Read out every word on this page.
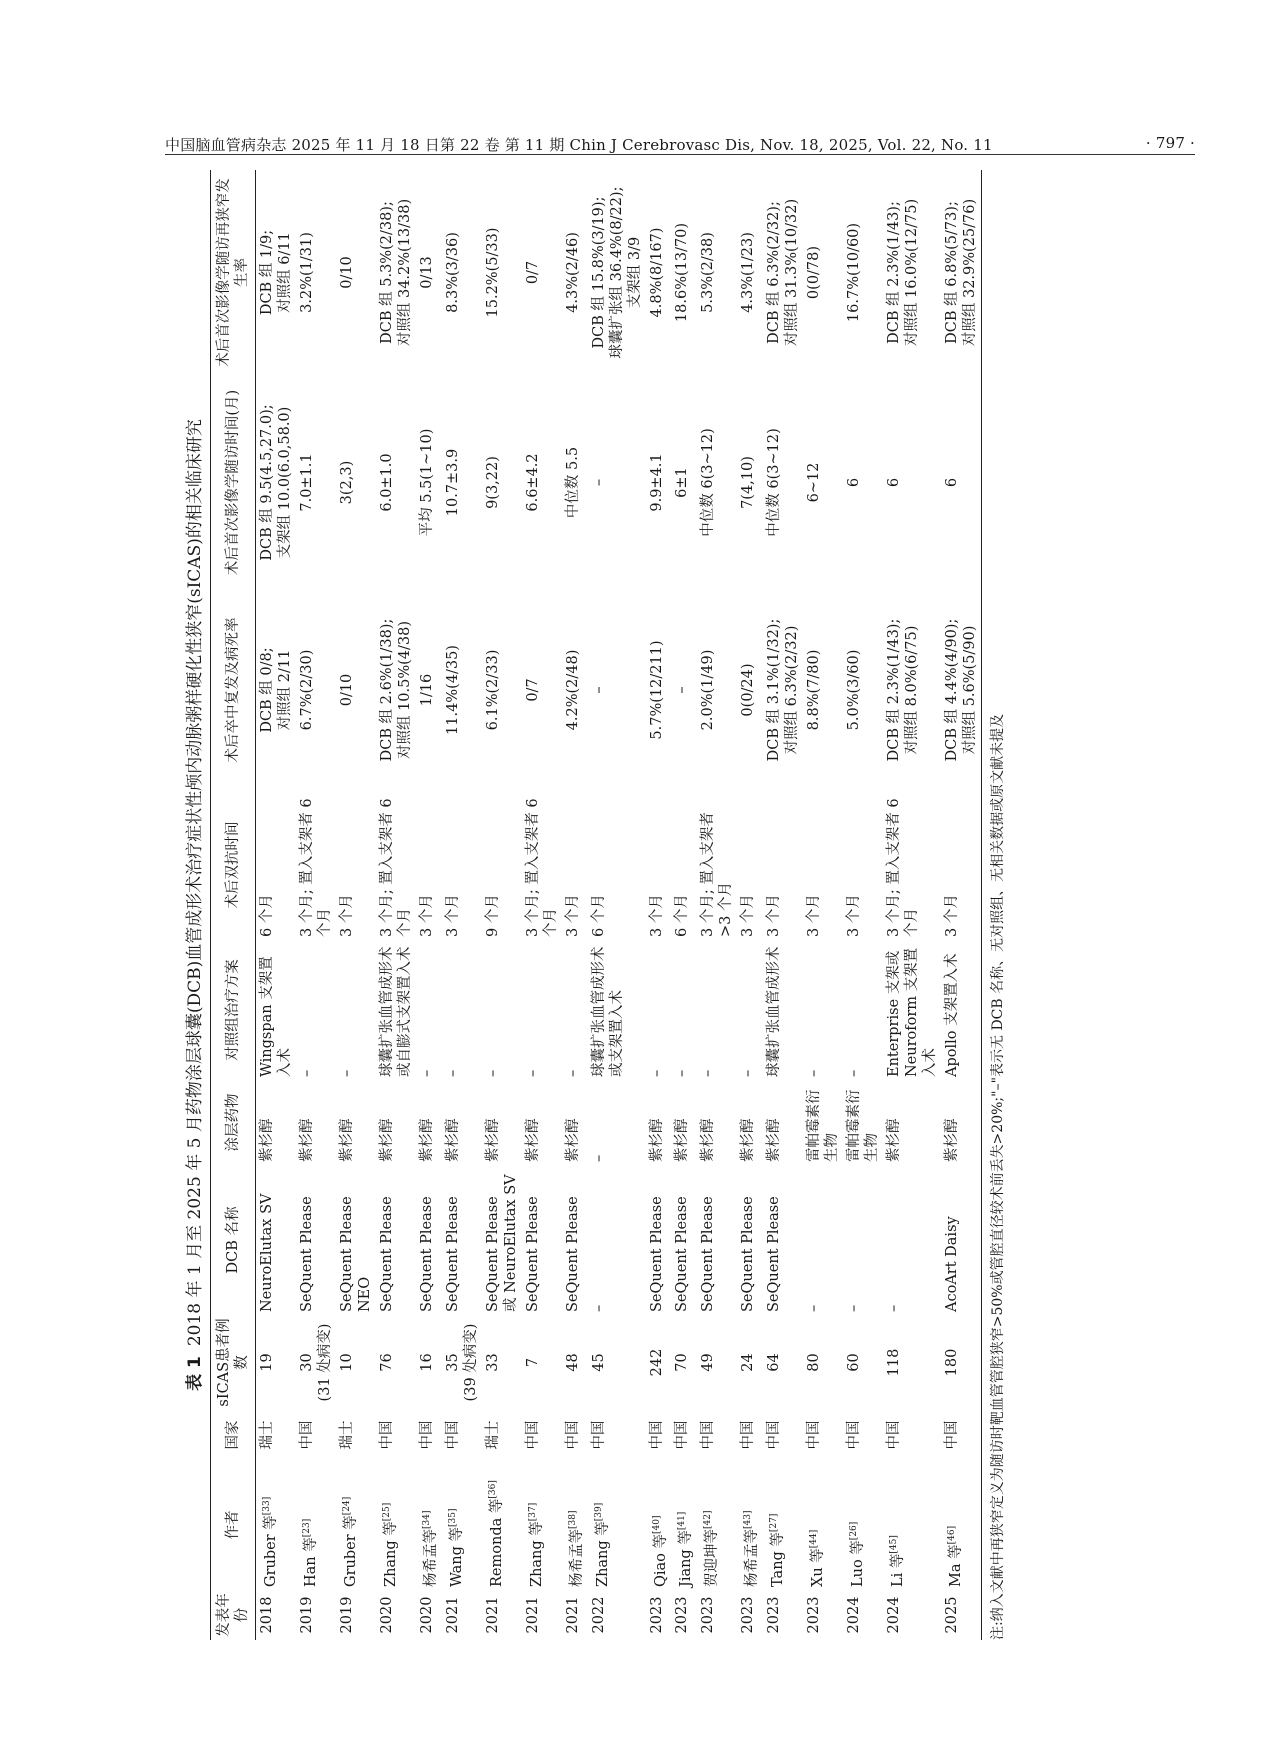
中国脑血管病杂志 2025 年 11 月 18 日第 22 卷 第 11 期 Chin J Cerebrovasc Dis, Nov. 18, 2025, Vol. 22, No. 11	· 797 ·
表 12018 年 1 月至 2025 年 5 月药物涂层球囊(DCB)血管成形术治疗症状性颅内动脉粥样硬化性狭窄(sICAS)的相关临床研究
发表年份	作者	国家	sICAS患者例数	DCB 名称	涂层药物	对照组治疗方案	术后双抗时间	术后卒中复发及病死率	术后首次影像学随访时间(月)	术后首次影像学随访再狭窄发生率
2018	Gruber 等[33]	瑞士	19	NeuroElutax SV	紫杉醇	Wingspan 支架置入术	6 个月	DCB 组 0/8;
对照组 2/11	DCB 组 9.5(4.5,27.0);
支架组 10.0(6.0,58.0)	DCB 组 1/9;
对照组 6/11
2019	Han 等[23]	中国	30
(31 处病变)	SeQuent Please	紫杉醇	–	3 个月; 置入支架者 6 个月	6.7%(2/30)	7.0±1.1	3.2%(1/31)
2019	Gruber 等[24]	瑞士	10	SeQuent Please NEO	紫杉醇	–	3 个月	0/10	3(2,3)	0/10
2020	Zhang 等[25]	中国	76	SeQuent Please	紫杉醇	球囊扩张血管成形术或自膨式支架置入术	3 个月; 置入支架者 6 个月	DCB 组 2.6%(1/38);
对照组 10.5%(4/38)	6.0±1.0	DCB 组 5.3%(2/38);
对照组 34.2%(13/38)
2020	杨希孟等[34]	中国	16	SeQuent Please	紫杉醇	–	3 个月	1/16	平均 5.5(1~10)	0/13
2021	Wang 等[35]	中国	35
(39 处病变)	SeQuent Please	紫杉醇	–	3 个月	11.4%(4/35)	10.7±3.9	8.3%(3/36)
2021	Remonda 等[36]	瑞士	33	SeQuent Please
或 NeuroElutax SV	紫杉醇	–	9 个月	6.1%(2/33)	9(3,22)	15.2%(5/33)
2021	Zhang 等[37]	中国	7	SeQuent Please	紫杉醇	–	3 个月; 置入支架者 6 个月	0/7	6.6±4.2	0/7
2021	杨希孟等[38]	中国	48	SeQuent Please	紫杉醇	–	3 个月	4.2%(2/48)	中位数 5.5	4.3%(2/46)
2022	Zhang 等[39]	中国	45	–	–	球囊扩张血管成形术或支架置入术	6 个月	–	–	DCB 组 15.8%(3/19);
球囊扩张组 36.4%(8/22);
支架组 3/9
2023	Qiao 等[40]	中国	242	SeQuent Please	紫杉醇	–	3 个月	5.7%(12/211)	9.9±4.1	4.8%(8/167)
2023	Jiang 等[41]	中国	70	SeQuent Please	紫杉醇	–	6 个月	–	6±1	18.6%(13/70)
2023	贺迎坤等[42]	中国	49	SeQuent Please	紫杉醇	–	3 个月; 置入支架者>3 个月	2.0%(1/49)	中位数 6(3~12)	5.3%(2/38)
2023	杨希孟等[43]	中国	24	SeQuent Please	紫杉醇	–	3 个月	0(0/24)	7(4,10)	4.3%(1/23)
2023	Tang 等[27]	中国	64	SeQuent Please	紫杉醇	球囊扩张血管成形术	3 个月	DCB 组 3.1%(1/32);
对照组 6.3%(2/32)	中位数 6(3~12)	DCB 组 6.3%(2/32);
对照组 31.3%(10/32)
2023	Xu 等[44]	中国	80	–	雷帕霉素衍生物	–	3 个月	8.8%(7/80)	6~12	0(0/78)
2024	Luo 等[26]	中国	60	–	雷帕霉素衍生物	–	3 个月	5.0%(3/60)	6	16.7%(10/60)
2024	Li 等[45]	中国	118	–	紫杉醇	Enterprise 支架或 Neuroform 支架置入术	3 个月; 置入支架者 6 个月	DCB 组 2.3%(1/43);
对照组 8.0%(6/75)	6	DCB 组 2.3%(1/43);
对照组 16.0%(12/75)
2025	Ma 等[46]	中国	180	AcoArt Daisy	紫杉醇	Apollo 支架置入术	3 个月	DCB 组 4.4%(4/90);
对照组 5.6%(5/90)	6	DCB 组 6.8%(5/73);
对照组 32.9%(25/76)
注:纳入文献中再狭窄定义为随访时靶血管管腔狭窄>50%或管腔直径较术前丢失>20%;"–"表示无 DCB 名称、无对照组、无相关数据或原文献未提及
